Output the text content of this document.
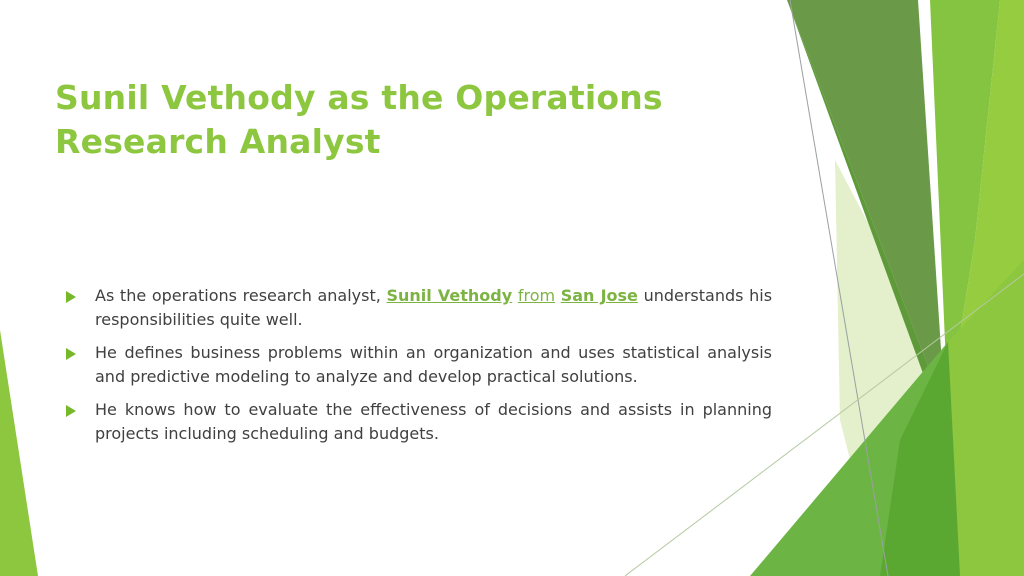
Sunil Vethody as the Operations
Research Analyst
As the operations research analyst, Sunil Vethody from San Jose understands his responsibilities quite well.
He defines business problems within an organization and uses statistical analysis and predictive modeling to analyze and develop practical solutions.
He knows how to evaluate the effectiveness of decisions and assists in planning projects including scheduling and budgets.
